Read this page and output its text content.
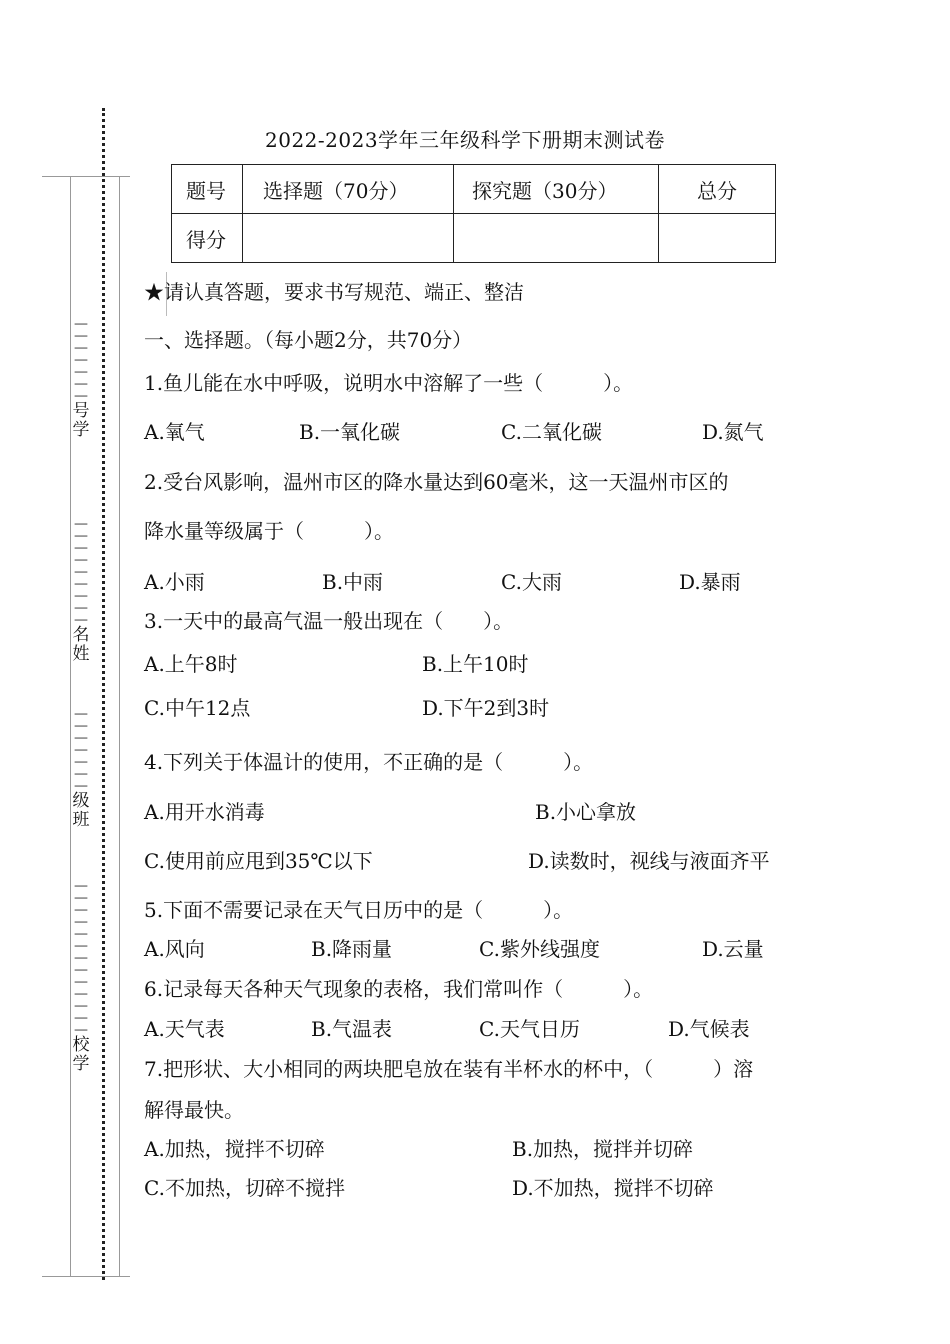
—
—
—
—
—
—
—
号
学
—
—
—
—
—
—
—
—
—
名
姓
—
—
—
—
—
—
—
级
班
—
—
—
—
—
—
—
—
—
—
—
—
—
校
学
2022-2023学年三年级科学下册期末测试卷
题号	选择题（70分）	探究题（30分）	总分
得分			
★请认真答题，要求书写规范、端正、整洁
一、选择题。（每小题2分，共70分）
1.鱼儿能在水中呼吸，说明水中溶解了一些（　　　）。
A.氧气	B.一氧化碳	C.二氧化碳	D.氮气
2.受台风影响，温州市区的降水量达到60毫米，这一天温州市区的
降水量等级属于（　　　）。
A.小雨	B.中雨	C.大雨	D.暴雨
3.一天中的最高气温一般出现在（　　）。
A.上午8时	B.上午10时
C.中午12点	D.下午2到3时
4.下列关于体温计的使用，不正确的是（　　　）。
A.用开水消毒	B.小心拿放
C.使用前应甩到35℃以下	D.读数时，视线与液面齐平
5.下面不需要记录在天气日历中的是（　　　）。
A.风向	B.降雨量	C.紫外线强度	D.云量
6.记录每天各种天气现象的表格，我们常叫作（　　　）。
A.天气表	B.气温表	C.天气日历	D.气候表
7.把形状、大小相同的两块肥皂放在装有半杯水的杯中，（　　　）溶
解得最快。
A.加热，搅拌不切碎	B.加热，搅拌并切碎
C.不加热，切碎不搅拌	D.不加热，搅拌不切碎
